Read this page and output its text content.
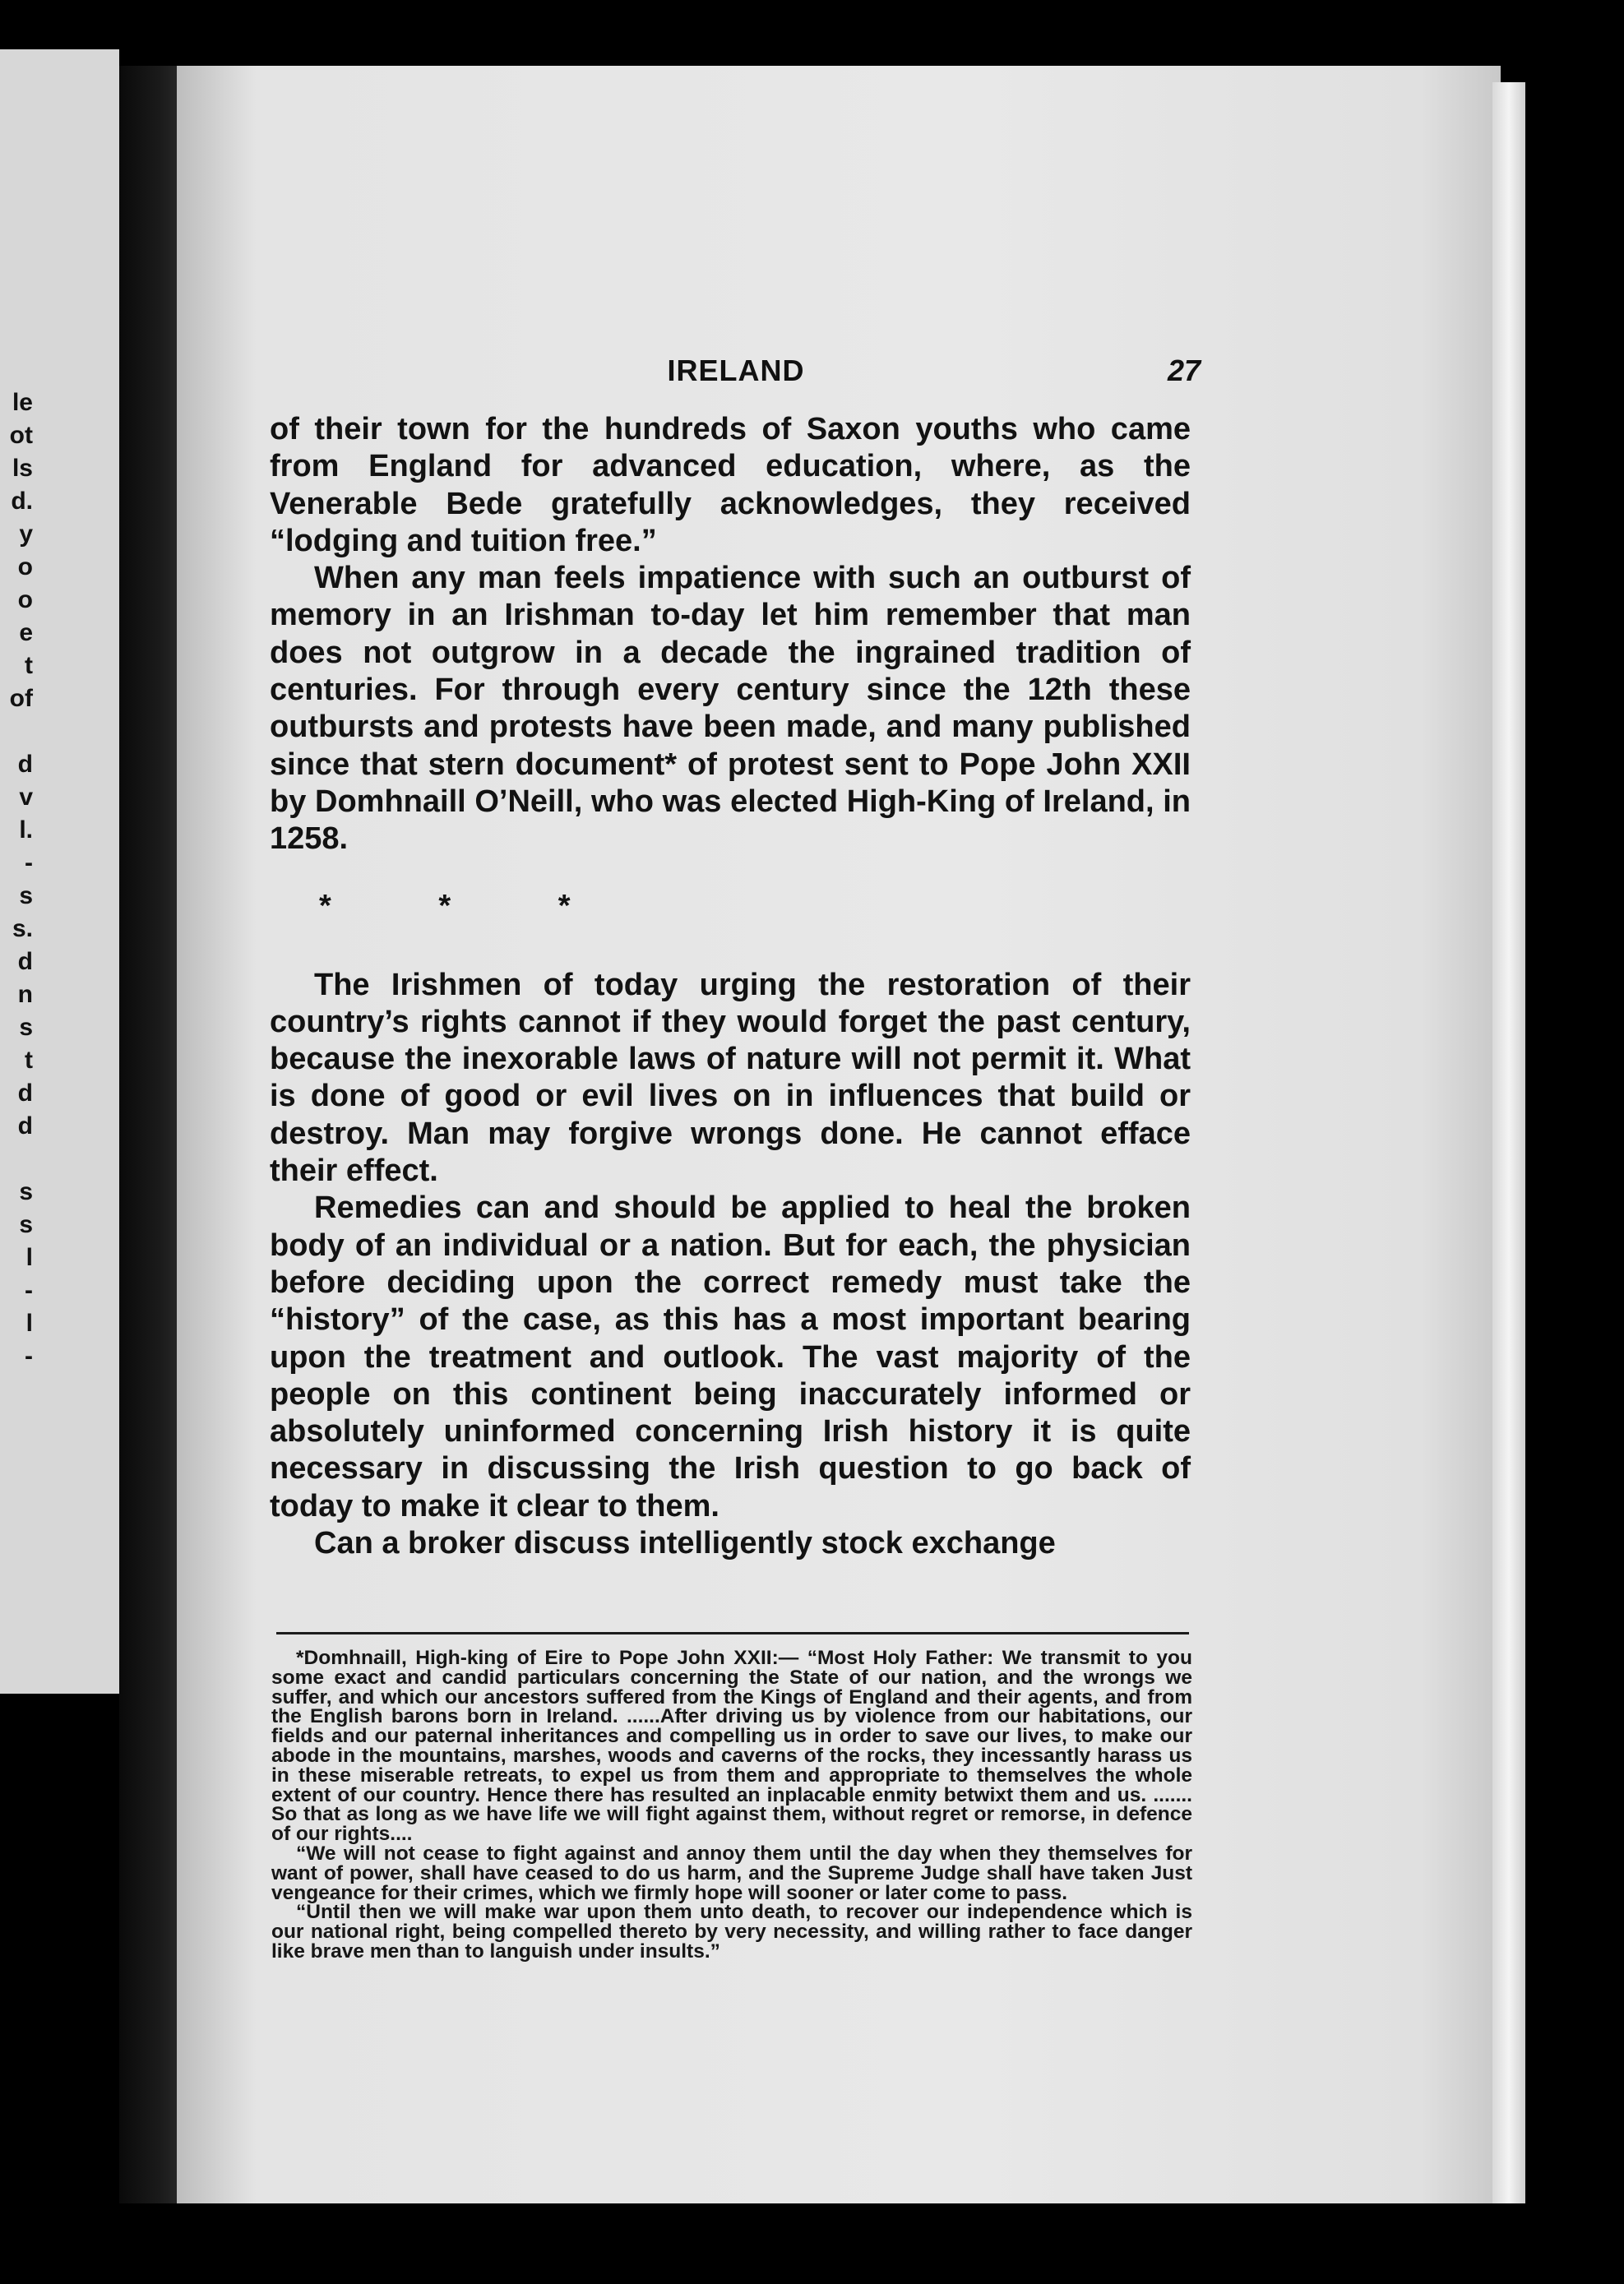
le
ot
ls
d.
y
o
o
e
t
of

d
v
l.
-
s
s.
d
n
s
t
d
d

s
s
l
-
l
-
IRELAND	27

of their town for the hundreds of Saxon youths who came from England for advanced education, where, as the Venerable Bede gratefully acknowledges, they received “lodging and tuition free.”

When any man feels impatience with such an outburst of memory in an Irishman to-day let him remember that man does not outgrow in a decade the ingrained tradition of centuries. For through every century since the 12th these outbursts and protests have been made, and many published since that stern document* of protest sent to Pope John XXII by Domhnaill O’Neill, who was elected High-King of Ireland, in 1258.

* * *

The Irishmen of today urging the restoration of their country’s rights cannot if they would forget the past century, because the inexorable laws of nature will not permit it. What is done of good or evil lives on in influences that build or destroy. Man may forgive wrongs done. He cannot efface their effect.

Remedies can and should be applied to heal the broken body of an individual or a nation. But for each, the physician before deciding upon the correct remedy must take the “history” of the case, as this has a most important bearing upon the treatment and outlook. The vast majority of the people on this continent being inaccurately informed or absolutely uninformed concerning Irish history it is quite necessary in discussing the Irish question to go back of today to make it clear to them.

Can a broker discuss intelligently stock exchange

*Domhnaill, High-king of Eire to Pope John XXII:— “Most Holy Father: We transmit to you some exact and candid particulars concerning the State of our nation, and the wrongs we suffer, and which our ancestors suffered from the Kings of England and their agents, and from the English barons born in Ireland. ......After driving us by violence from our habitations, our fields and our paternal inheritances and compelling us in order to save our lives, to make our abode in the mountains, marshes, woods and caverns of the rocks, they incessantly harass us in these miserable retreats, to expel us from them and appropriate to themselves the whole extent of our country. Hence there has resulted an inplacable enmity betwixt them and us. ....... So that as long as we have life we will fight against them, without regret or remorse, in defence of our rights....

“We will not cease to fight against and annoy them until the day when they themselves for want of power, shall have ceased to do us harm, and the Supreme Judge shall have taken Just vengeance for their crimes, which we firmly hope will sooner or later come to pass.

“Until then we will make war upon them unto death, to recover our independence which is our national right, being compelled thereto by very necessity, and willing rather to face danger like brave men than to languish under insults.”
